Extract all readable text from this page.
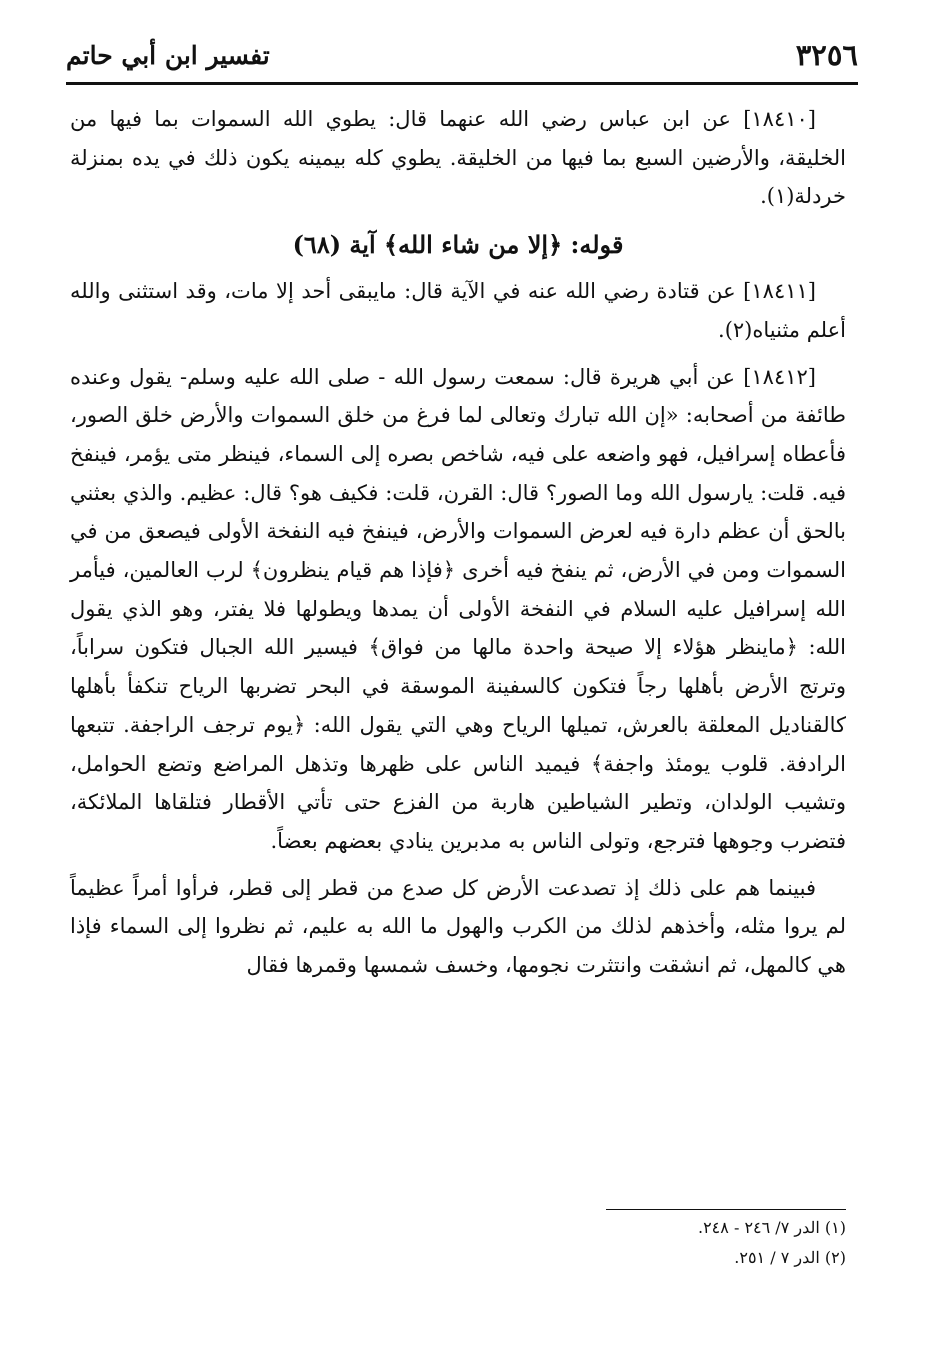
٣٢٥٦
تفسير ابن أبي حاتم

[١٨٤١٠] عن ابن عباس رضي الله عنهما قال: يطوي الله السموات بما فيها من الخليقة، والأرضين السبع بما فيها من الخليقة. يطوي كله بيمينه يكون ذلك في يده بمنزلة خردلة(١).

قوله: ﴿إلا من شاء الله﴾ آية (٦٨)

[١٨٤١١] عن قتادة رضي الله عنه في الآية قال: مايبقى أحد إلا مات، وقد استثنى والله أعلم مثنياه(٢).

[١٨٤١٢] عن أبي هريرة قال: سمعت رسول الله - صلى الله عليه وسلم- يقول وعنده طائفة من أصحابه: «إن الله تبارك وتعالى لما فرغ من خلق السموات والأرض خلق الصور، فأعطاه إسرافيل، فهو واضعه على فيه، شاخص بصره إلى السماء، فينظر متى يؤمر، فينفخ فيه. قلت: يارسول الله وما الصور؟ قال: القرن، قلت: فكيف هو؟ قال: عظيم. والذي بعثني بالحق أن عظم دارة فيه لعرض السموات والأرض، فينفخ فيه النفخة الأولى فيصعق من في السموات ومن في الأرض، ثم ينفخ فيه أخرى ﴿فإذا هم قيام ينظرون﴾ لرب العالمين، فيأمر الله إسرافيل عليه السلام في النفخة الأولى أن يمدها ويطولها فلا يفتر، وهو الذي يقول الله: ﴿ماينظر هؤلاء إلا صيحة واحدة مالها من فواق﴾ فيسير الله الجبال فتكون سراباً، وترتج الأرض بأهلها رجاً فتكون كالسفينة الموسقة في البحر تضربها الرياح تنكفأ بأهلها كالقناديل المعلقة بالعرش، تميلها الرياح وهي التي يقول الله: ﴿يوم ترجف الراجفة. تتبعها الرادفة. قلوب يومئذ واجفة﴾ فيميد الناس على ظهرها وتذهل المراضع وتضع الحوامل، وتشيب الولدان، وتطير الشياطين هاربة من الفزع حتى تأتي الأقطار فتلقاها الملائكة، فتضرب وجوهها فترجع، وتولى الناس به مدبرين ينادي بعضهم بعضاً.

فبينما هم على ذلك إذ تصدعت الأرض كل صدع من قطر إلى قطر، فرأوا أمراً عظيماً لم يروا مثله، وأخذهم لذلك من الكرب والهول ما الله به عليم، ثم نظروا إلى السماء فإذا هي كالمهل، ثم انشقت وانتثرت نجومها، وخسف شمسها وقمرها فقال

(١) الدر ٧/ ٢٤٦ - ٢٤٨.
(٢) الدر ٧ / ٢٥١.
